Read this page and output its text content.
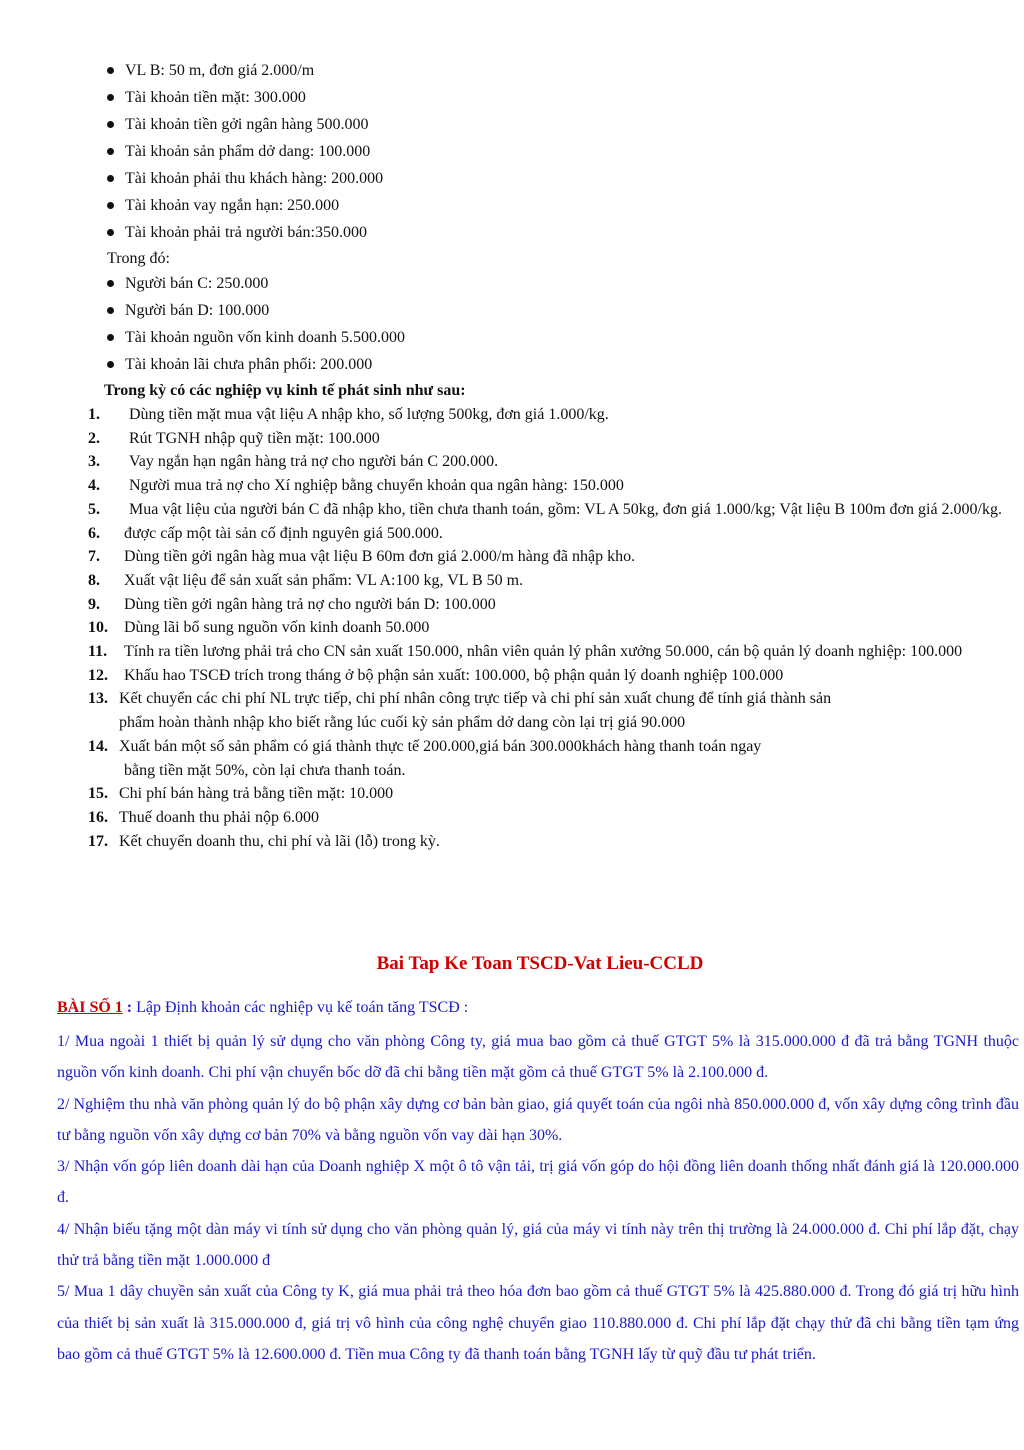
VL B: 50 m, đơn giá 2.000/m
Tài khoản tiền mặt: 300.000
Tài khoản tiền gởi ngân hàng 500.000
Tài khoản sản phẩm dở dang: 100.000
Tài khoản phải thu khách hàng: 200.000
Tài khoản vay ngắn hạn: 250.000
Tài khoản phải trả người bán:350.000
Trong đó:
Người bán C: 250.000
Người bán D: 100.000
Tài khoản nguồn vốn kinh doanh 5.500.000
Tài khoản lãi chưa phân phối: 200.000
Trong kỳ có các nghiệp vụ kinh tế phát sinh như sau:
1.	Dùng tiền mặt mua vật liệu A nhập kho, số lượng 500kg, đơn giá 1.000/kg.
2.	Rút TGNH nhập quỹ tiền mặt: 100.000
3.	Vay ngắn hạn ngân hàng trả nợ cho người bán C 200.000.
4.	Người mua trả nợ cho Xí nghiệp bằng chuyển khoản qua ngân hàng: 150.000
5.	Mua vật liệu của người bán C đã nhập kho, tiền chưa thanh toán, gồm: VL A 50kg, đơn giá 1.000/kg; Vật liệu B 100m đơn giá 2.000/kg.
6.	được cấp một tài sản cố định nguyên giá 500.000.
7.	Dùng tiền gởi ngân hàg mua vật liệu B 60m đơn giá 2.000/m hàng đã nhập kho.
8.	Xuất vật liệu để sản xuất sản phẩm: VL A:100 kg, VL B 50 m.
9.	Dùng tiền gởi ngân hàng trả nợ cho người bán D: 100.000
10.	Dùng lãi bổ sung nguồn vốn kinh doanh 50.000
11.	Tính ra tiền lương phải trả cho CN sản xuất 150.000, nhân viên quản lý phân xưởng 50.000, cán bộ quản lý doanh nghiệp: 100.000
12.	Khấu hao TSCĐ trích trong tháng ở bộ phận sản xuất: 100.000, bộ phận quản lý doanh nghiệp 100.000
13. Kết chuyển các chi phí NL trực tiếp, chi phí nhân công trực tiếp và chi phí sản xuất chung để tính giá thành sản
phẩm hoàn thành nhập kho biết rằng lúc cuối kỳ sản phẩm dở dang còn lại trị giá 90.000
14. Xuất bán một số sản phẩm có giá thành thực tế 200.000,giá bán 300.000khách hàng thanh toán ngay
bằng tiền mặt 50%, còn lại chưa thanh toán.
15. Chi phí bán hàng trả bằng tiền mặt: 10.000
16. Thuế doanh thu phải nộp 6.000
17. Kết chuyển doanh thu, chi phí và lãi (lỗ) trong kỳ.
Bai Tap Ke Toan TSCD-Vat Lieu-CCLD
BÀI SỐ 1 : Lập Định khoản các nghiệp vụ kế toán tăng TSCĐ :

1/ Mua ngoài 1 thiết bị quản lý sử dụng cho văn phòng Công ty, giá mua bao gồm cả thuế GTGT 5% là 315.000.000 đ đã trả bằng TGNH thuộc nguồn vốn kinh doanh. Chi phí vận chuyển bốc dỡ đã chi bằng tiền mặt gồm cả thuế GTGT 5% là 2.100.000 đ.

2/ Nghiệm thu nhà văn phòng quản lý do bộ phận xây dựng cơ bản bàn giao, giá quyết toán của ngôi nhà 850.000.000 đ, vốn xây dựng công trình đầu tư bằng nguồn vốn xây dựng cơ bản 70% và bằng nguồn vốn vay dài hạn 30%.

3/ Nhận vốn góp liên doanh dài hạn của Doanh nghiệp X một ô tô vận tải, trị giá vốn góp do hội đồng liên doanh thống nhất đánh giá là 120.000.000 đ.

4/ Nhận biếu tặng một dàn máy vi tính sử dụng cho văn phòng quản lý, giá của máy vi tính này trên thị trường là 24.000.000 đ. Chi phí lắp đặt, chạy thử trả bằng tiền mặt 1.000.000 đ

5/ Mua 1 dây chuyền sản xuất của Công ty K, giá mua phải trả theo hóa đơn bao gồm cả thuế GTGT 5% là 425.880.000 đ. Trong đó giá trị hữu hình của thiết bị sản xuất là 315.000.000 đ, giá trị vô hình của công nghệ chuyển giao 110.880.000 đ. Chi phí lắp đặt chạy thử đã chi bằng tiền tạm ứng bao gồm cả thuế GTGT 5% là 12.600.000 đ. Tiền mua Công ty đã thanh toán bằng TGNH lấy từ quỹ đầu tư phát triển.
